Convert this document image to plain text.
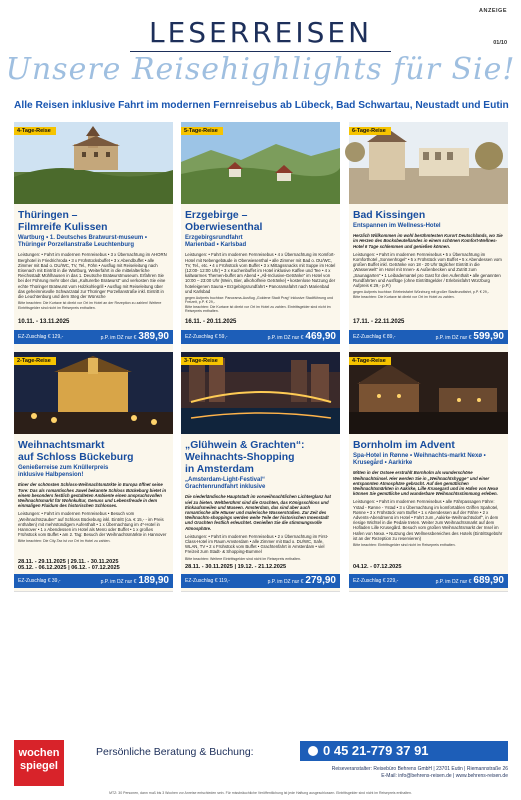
ANZEIGE
01/10
LESERREISEN
Unsere Reisehighlights für Sie!
Alle Reisen inklusive Fahrt im modernen Fernreisebus ab Lübeck, Bad Schwartau, Neustadt und Eutin
4-Tage-Reise
Thüringen –
Filmreife Kulissen
Wartburg • 1. Deutsches Bratwurst-museum • Thüringer Porzellanstraße Leuchtenburg
Leistungen: • Fahrt im modernen Fernreisebus • 3 x Übernachtung im AHORN Berghotel in Friedrichroda • 3 x Frühstücksbuffet • 3 x Abendbuffet • alle Zimmer mit Bad o. DU/WC, TV, Tel., Föhn • Ausflug mit Reiseleitung nach Eisenach mit Eintritt in die Wartburg, Weiterfahrt in die mittelalterliche Reichsstadt Mühlhausen in das 1. Deutsche Bratwurstmuseum. Erfahren Sie bei der Führung mehr über das „Kulturerbe Bratwurst“ und verkosten Sie eine echte Thüringer Bratwurst vom Holzkohlegrill • Ausflug mit Reiseleitung über das geheimnisvolle Schwarzatal zur Thüringer Porzellanstraße inkl. Eintritt in die Leuchtenburg und dem Steg der Wünsche
Bitte beachten: Die Kurtaxe ist direkt vor Ort im Hotel an der Rezeption zu zahlen! Weitere Eintrittsgelder sind nicht im Reisepreis enthalten.
10.11. - 13.11.2025
EZ-Zuschlag € 129,-	p.P. im DZ nur € 389,90
5-Tage-Reise
Erzgebirge –
Oberwiesenthal
Erzgebirgsrundfahrt
Marienbad • Karlsbad
Leistungen: • Fahrt im modernen Fernreisebus • 4 x Übernachtung im Komfort-Hotel mit Nebengebäude in Oberwiesenthal • alle Zimmer mit Bad o. DU/WC, TV, Tel., etc. • 4 x Frühstück vom Buffet • 3 x Mittagssnacks mit Suppe im Hotel (12:00- 12:00 Uhr) • 3 x Kuchenbuffet im Hotel inklusive Kaffee und Tee • 4 x kaltwarmes Themen-buffet am Abend • „All-Inclusive-Getränke“ im Hotel von 10:00 – 23:00 Uhr (Wein, Bier, alkoholfreie Getränke) • kostenlose Nutzung der hoteleigenen Sauna • Erzgebirgsrundfahrt • Panoramafahrt nach Marienbad und Karlsbad
gegen Aufpreis buchbar: Panorama-Ausflug „Goldene Stadt Prag“ inklusive Stadtführung und Freizeit, p.P. € 29,-
Bitte beachten: Die Kurtaxe ist direkt vor Ort im Hotel zu zahlen. Eintrittsgelder sind nicht im Reisepreis enthalten.
16.11. - 20.11.2025
EZ-Zuschlag € 59,-	p.P. im DZ nur € 469,90
6-Tage-Reise
Bad Kissingen
Entspannen im Wellness-Hotel
Herzlich Willkommen im wohl berühmtesten Kurort Deutschlands, wo Sie im Herzen des Bocksbeutellandes in einem schönen Komfort-Wellnes-Hotel 6 Tage schlemmen und genießen können.
Leistungen: • Fahrt im modernen Fernreisebus • 5 x Übernachtung im Komforthotel „Sonnenhügel“ • 5 x Frühstück vom Buffet • 5 x Abendessen vom großen Buffet inkl. Getränke von 18 - 20 Uhr täglicher Eintritt in die „Wasserwelt“ im Hotel mit Innen- & Außenbecken und Zutritt zum „Saunagarten“ • 1 Leibademantel pro Gast für den Aufenthalt • alle genannten Rundfahrten und Ausflüge (ohne Eintrittsgelder / Erlebnisfahrt Würzburg Aufpreis € 29,- p.P.)
gegen Aufpreis buchbar: Erlebnisfahrt Würzburg mit großer Stadtrundfahrt, p.P. € 29,-
Bitte beachten: Die Kurtaxe ist direkt vor Ort im Hotel zu zahlen.
17.11. - 22.11.2025
EZ-Zuschlag € 89,-	p.P. im DZ nur € 599,90
2-Tage-Reise
Weihnachtsmarkt
auf Schloss Bückeburg
Genießerreise zum Knüllerpreis
inklusive Halbpension!
Einer der schönsten Schloss-Weihnachtsmärkte in Europa öffnet seine Tore: Das als romantisches Juwel bekannte Schloss Bückeburg bietet in einem besonders festlich gestalteten Ambiente einen anspruchsvollen Weihnachtsmarkt für Wohnkultur, Genuss und Lebensfreude in dem einmaligen Fluidum des historischen Schlosses.
Leistungen: • Fahrt im modernen Fernreisebus • Besuch vom „Weihnachtszauber“ auf Schloss Bückeburg inkl. Eintritt (ca. € 15,- - im Preis enthalten) mit mehrstündigem Aufenthalt • 1 x Übernachtung im 4*-Hotel in Hannover • 1 x Abendessen im Hotel als Menü oder Buffet • 1 x großes Frühstück vom Buffet • am 2. Tag: Besuch der Weihnachtsmärkte in Hannover
Bitte beachten: Die City-Tax ist vor Ort im Hotel zu zahlen.
28.11. - 29.11.2025 | 29.11. - 30.11.2025
05.12. - 06.12.2025 | 06.12. - 07.12.2025
EZ-Zuschlag € 39,-	p.P. im DZ nur € 189,90
3-Tage-Reise
„Glühwein & Grachten“:
Weihnachts-Shopping
in Amsterdam
„Amsterdam-Light-Festival“
Grachtenrundfahrt inklusive
Die niederländische Hauptstadt im vorweihnachtlichen Lichterglanz hat viel zu bieten. Weltberühmt sind die Grachten, das Königsschloss und Einkaufsmeilen und Museen. Amsterdam, das sind aber auch romantische alte Häuser und malerische Wasserstraßen. Zur Zeit des Weihnachts-shoppings werden weite Teile der historischen Innenstadt und Grachten festlich erleuchtet. Genießen Sie die stimmungsvolle Atmosphäre.
Leistungen: • Fahrt im modernen Fernreisebus • 2 x Übernachtung im First-Class-Hotel im Raum Amsterdam • alle Zimmer mit Bad o. DU/WC, Safe, WLAN, TV • 2 x Frühstück vom Buffet • Grachtenfahrt in Amsterdam • viel Freizeit zum Stadt- & Shopping-Bummel
Bitte beachten: Weitere Eintrittsgelder sind nicht im Reisepreis enthalten.
28.11. - 30.11.2025 | 19.12. - 21.12.2025
EZ-Zuschlag € 119,-	p.P. im DZ nur € 279,90
4-Tage-Reise
Bornholm im Advent
Spa-Hotel in Rønne • Weihnachts-markt Nexø • Krusegård • Aarkirke
Mitten in der Ostsee erstrahlt Bornholm als wunderschöne Weihnachtsinsel. Hier werden Sie in „Weihnachtshygge“ und einer entspannten Atmosphäre gebracht. Auf den gemütlichen Weihnachtsmärkten in Aakirke, Lille Krusegard und im Hafen von Nexø können Sie gemütliche und wunderbare Weihnachtsstimmung erleben.
Leistungen: • Fahrt im modernen Fernreisebus • alle Fährpassagen Fähre: Ystad - Rønne - Ystad • 3 x Übernachtung im komfortablen Griffen Spahotel, Rønne • 3 x Frühstück vom Buffet • 1 x Abendessen auf der Fähre • 2 x Advents-Abendmenü im Hotel • Fahrt zum „Aakirke-Weihnachtsdorf“, in dem riesige Wichtel in die Pedale treten. Weiter zum Weihnachtsmarkt auf dem Hofladen Lille Krusegård. Besuch vom großen Weihnachtsmarkt der Insel im Hafen von Nexø. • Nutzung des Wellnessbereiches des Hotels (Eintrittsgebühr ist an der Rezeption zu reservieren)
Bitte beachten: Eintrittsgelder sind nicht im Reisepreis enthalten.
04.12. - 07.12.2025
EZ-Zuschlag € 229,-	p.P. im DZ nur € 689,90
wochen
spiegel
Persönliche Beratung & Buchung:	0 45 21-779 37 91
Reiseveranstalter: Reisebüro Behrens GmbH | 23701 Eutin | Riemannstraße 26
E-Mail: info@behrens-reisen.de | www.behrens-reisen.de
MTZ: 30 Personen, dann muß bis 3 Wochen vor Anreise entschieden sein. Für missbräuchliche Veröffentlichung ist jede Haftung ausgeschlossen. Eintrittsgelder sind nicht im Reisepreis enthalten.
